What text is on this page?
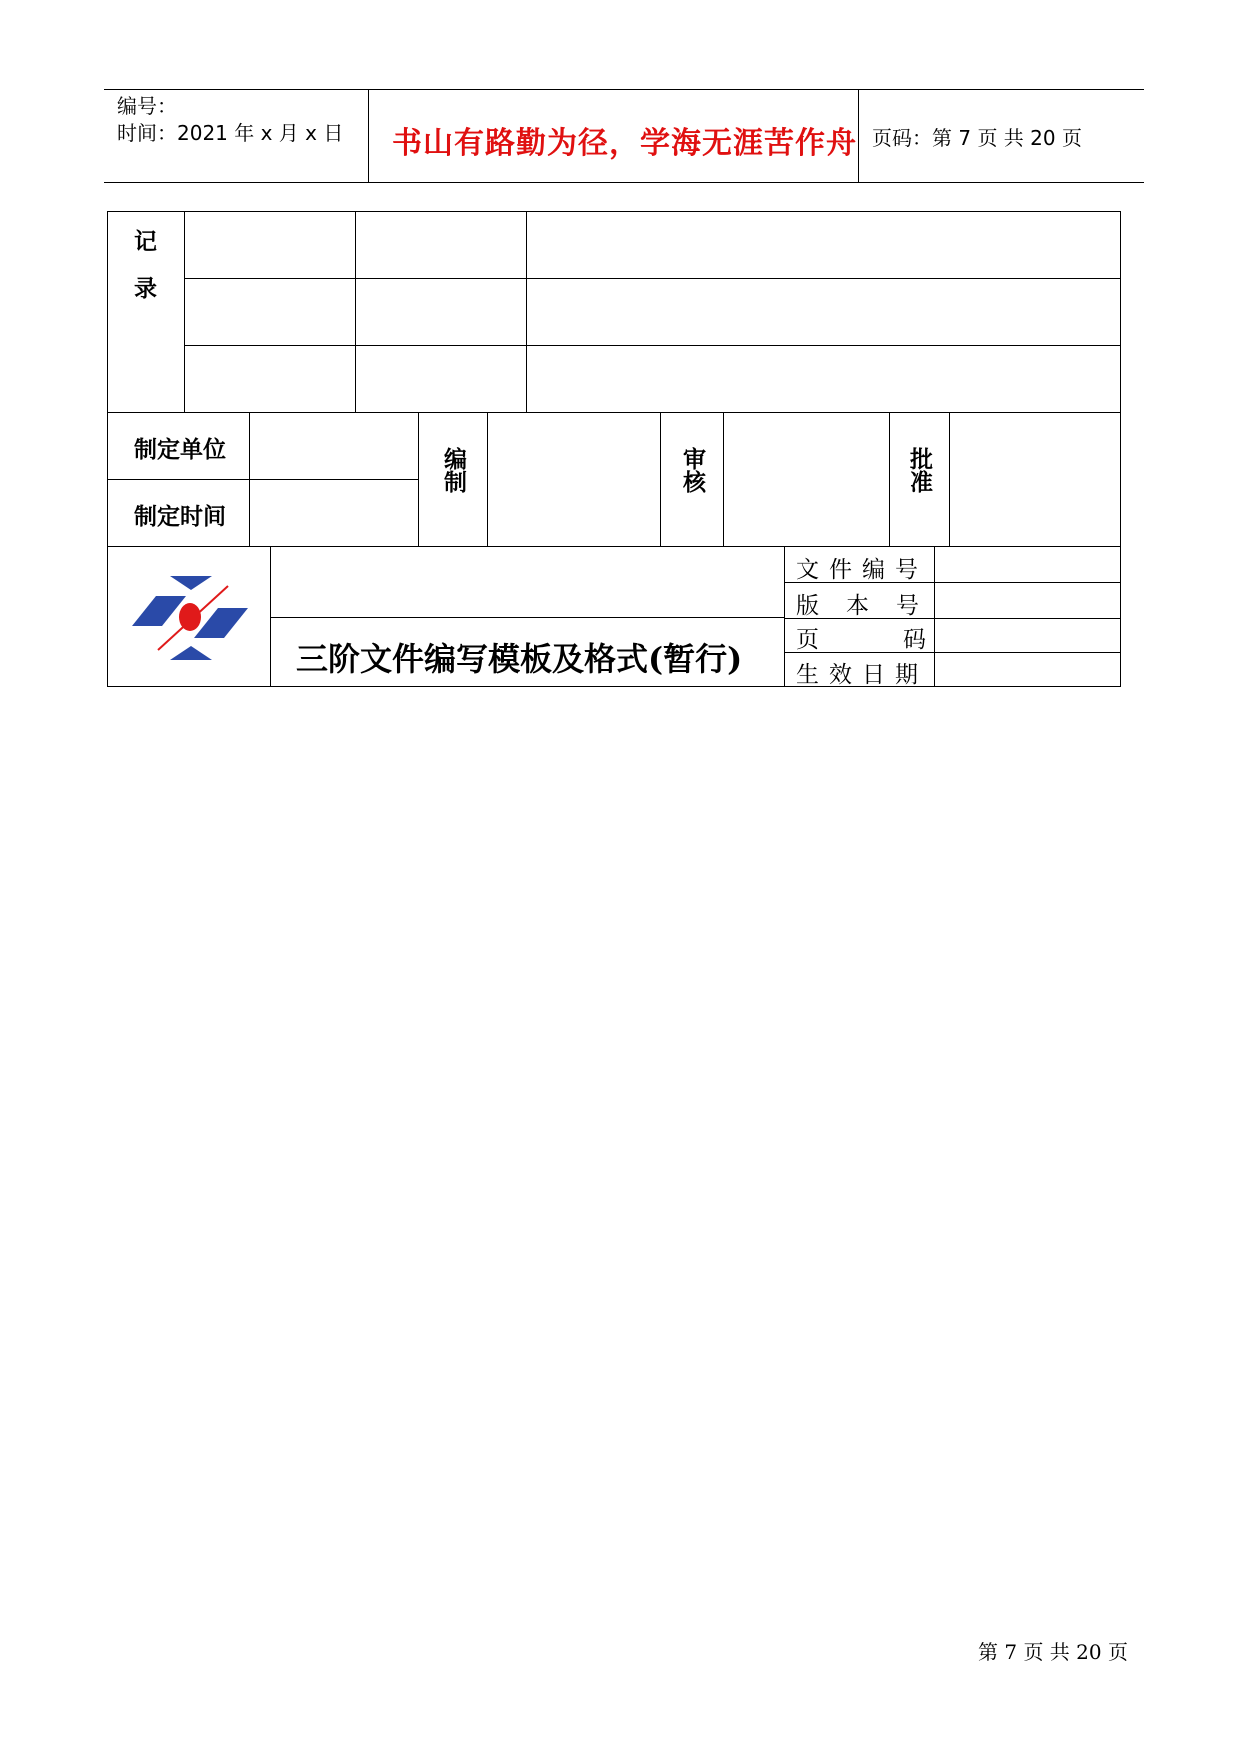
编号：
时间：2021 年 x 月 x 日 书山有路勤为径，学海无涯苦作舟 页码：第 7 页 共 20 页
记
录
制定单位
制定时间
编制	审核	批准
三阶文件编写模板及格式(暂行)
文件编号
版本号
页码
生效日期
第 7 页 共 20 页
